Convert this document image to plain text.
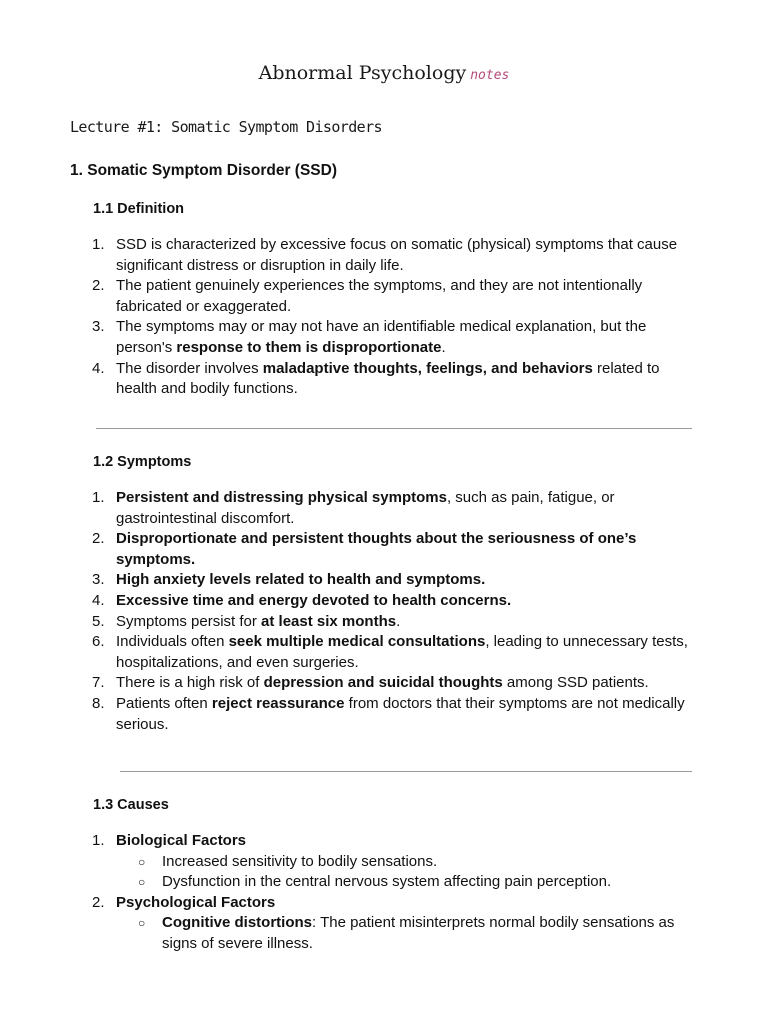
Abnormal Psychology notes
Lecture #1: Somatic Symptom Disorders
1. Somatic Symptom Disorder (SSD)
1.1 Definition
1. SSD is characterized by excessive focus on somatic (physical) symptoms that cause significant distress or disruption in daily life.
2. The patient genuinely experiences the symptoms, and they are not intentionally fabricated or exaggerated.
3. The symptoms may or may not have an identifiable medical explanation, but the person's response to them is disproportionate.
4. The disorder involves maladaptive thoughts, feelings, and behaviors related to health and bodily functions.
1.2 Symptoms
1. Persistent and distressing physical symptoms, such as pain, fatigue, or gastrointestinal discomfort.
2. Disproportionate and persistent thoughts about the seriousness of one’s symptoms.
3. High anxiety levels related to health and symptoms.
4. Excessive time and energy devoted to health concerns.
5. Symptoms persist for at least six months.
6. Individuals often seek multiple medical consultations, leading to unnecessary tests, hospitalizations, and even surgeries.
7. There is a high risk of depression and suicidal thoughts among SSD patients.
8. Patients often reject reassurance from doctors that their symptoms are not medically serious.
1.3 Causes
1. Biological Factors
○ Increased sensitivity to bodily sensations.
○ Dysfunction in the central nervous system affecting pain perception.
2. Psychological Factors
○ Cognitive distortions: The patient misinterprets normal bodily sensations as signs of severe illness.
